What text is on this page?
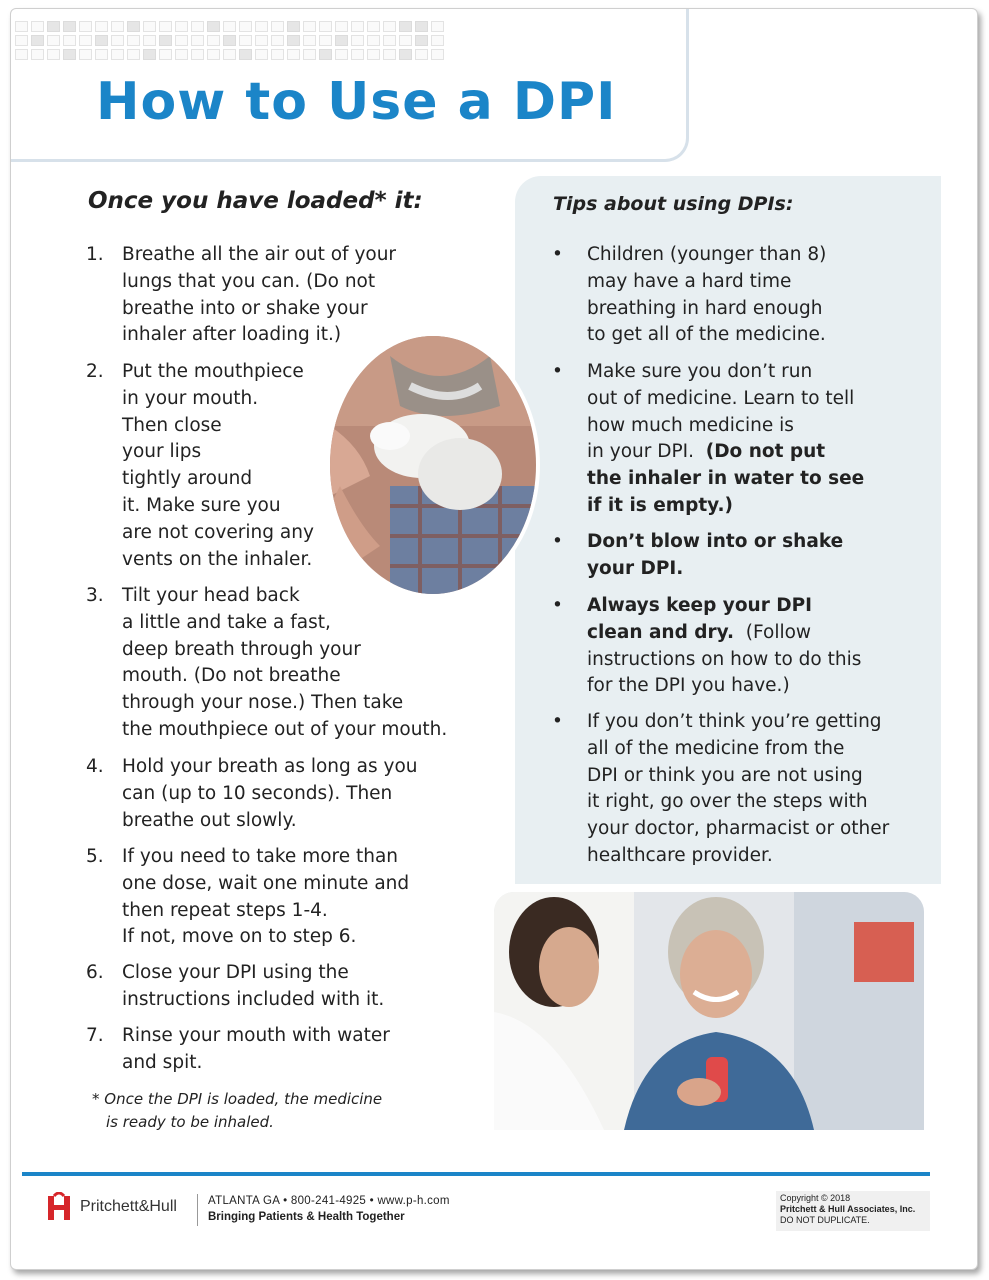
How to Use a DPI
Once you have loaded* it:	Tips about using DPIs:
1. Breathe all the air out of your
lungs that you can. (Do not
breathe into or shake your
inhaler after loading it.)
2. Put the mouthpiece
in your mouth.
Then close
your lips
tightly around
it. Make sure you
are not covering any
vents on the inhaler.
3. Tilt your head back
a little and take a fast,
deep breath through your
mouth. (Do not breathe
through your nose.) Then take
the mouthpiece out of your mouth.
4. Hold your breath as long as you
can (up to 10 seconds). Then
breathe out slowly.
5. If you need to take more than
one dose, wait one minute and
then repeat steps 1-4.
If not, move on to step 6.
6. Close your DPI using the
instructions included with it.
7. Rinse your mouth with water
and spit.
* Once the DPI is loaded, the medicine
is ready to be inhaled.
• Children (younger than 8)
may have a hard time
breathing in hard enough
to get all of the medicine.
• Make sure you don’t run
out of medicine. Learn to tell
how much medicine is
in your DPI.  (Do not put
the inhaler in water to see
if it is empty.)
• Don’t blow into or shake
your DPI.
• Always keep your DPI
clean and dry.  (Follow
instructions on how to do this
for the DPI you have.)
• If you don’t think you’re getting
all of the medicine from the
DPI or think you are not using
it right, go over the steps with
your doctor, pharmacist or other
healthcare provider.
Pritchett&Hull	ATLANTA GA • 800-241-4925 • www.p-h.com
Bringing Patients & Health Together
Copyright © 2018
Pritchett & Hull Associates, Inc.
DO NOT DUPLICATE.
